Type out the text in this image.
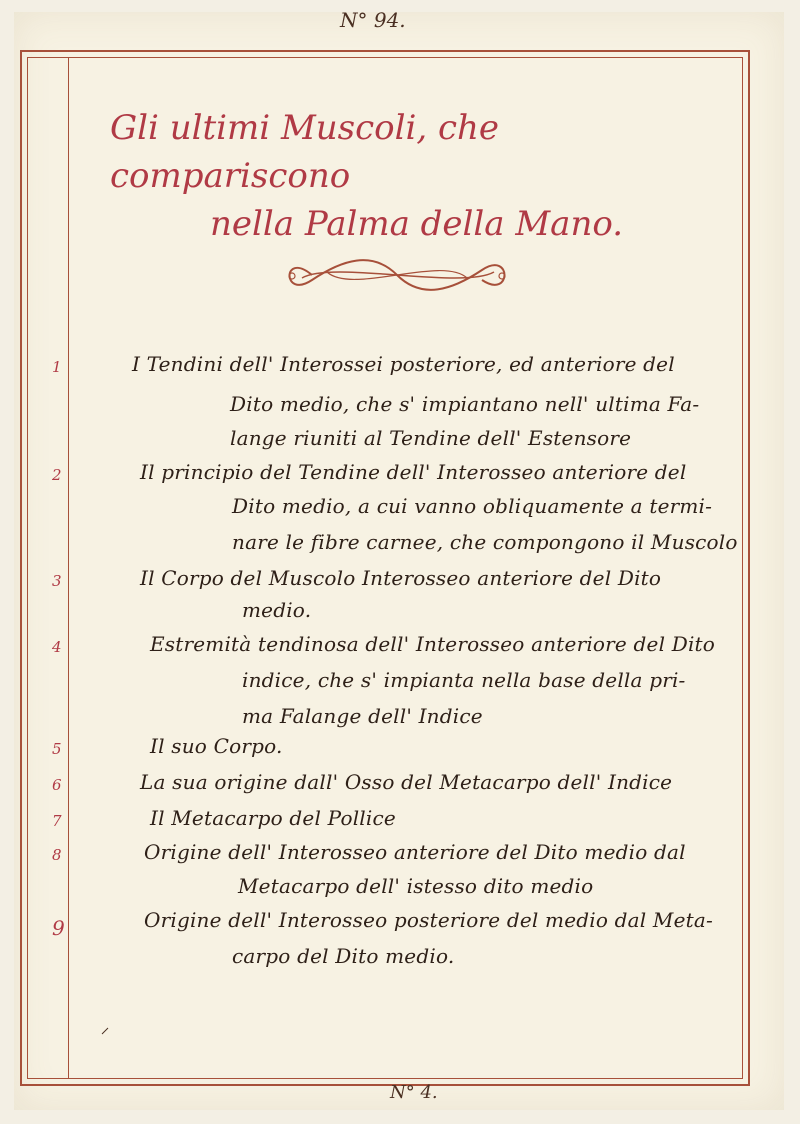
N° 94.
Gli ultimi Muscoli, che compariscono
nella Palma della Mano.
1	I Tendini dell' Interossei posteriore, ed anteriore del
Dito medio, che s' impiantano nell' ultima Fa-
lange riuniti al Tendine dell' Estensore
2	Il principio del Tendine dell' Interosseo anteriore del
Dito medio, a cui vanno obliquamente a termi-
nare le fibre carnee, che compongono il Muscolo
3	Il Corpo del Muscolo Interosseo anteriore del Dito
medio.
4	Estremità tendinosa dell' Interosseo anteriore del Dito
indice, che s' impianta nella base della pri-
ma Falange dell' Indice
5	Il suo Corpo.
6	La sua origine dall' Osso del Metacarpo dell' Indice
7	Il Metacarpo del Pollice
8	Origine dell' Interosseo anteriore del Dito medio dal
Metacarpo dell' istesso dito medio
9	Origine dell' Interosseo posteriore del medio dal Meta-
carpo del Dito medio.
N° 4.
